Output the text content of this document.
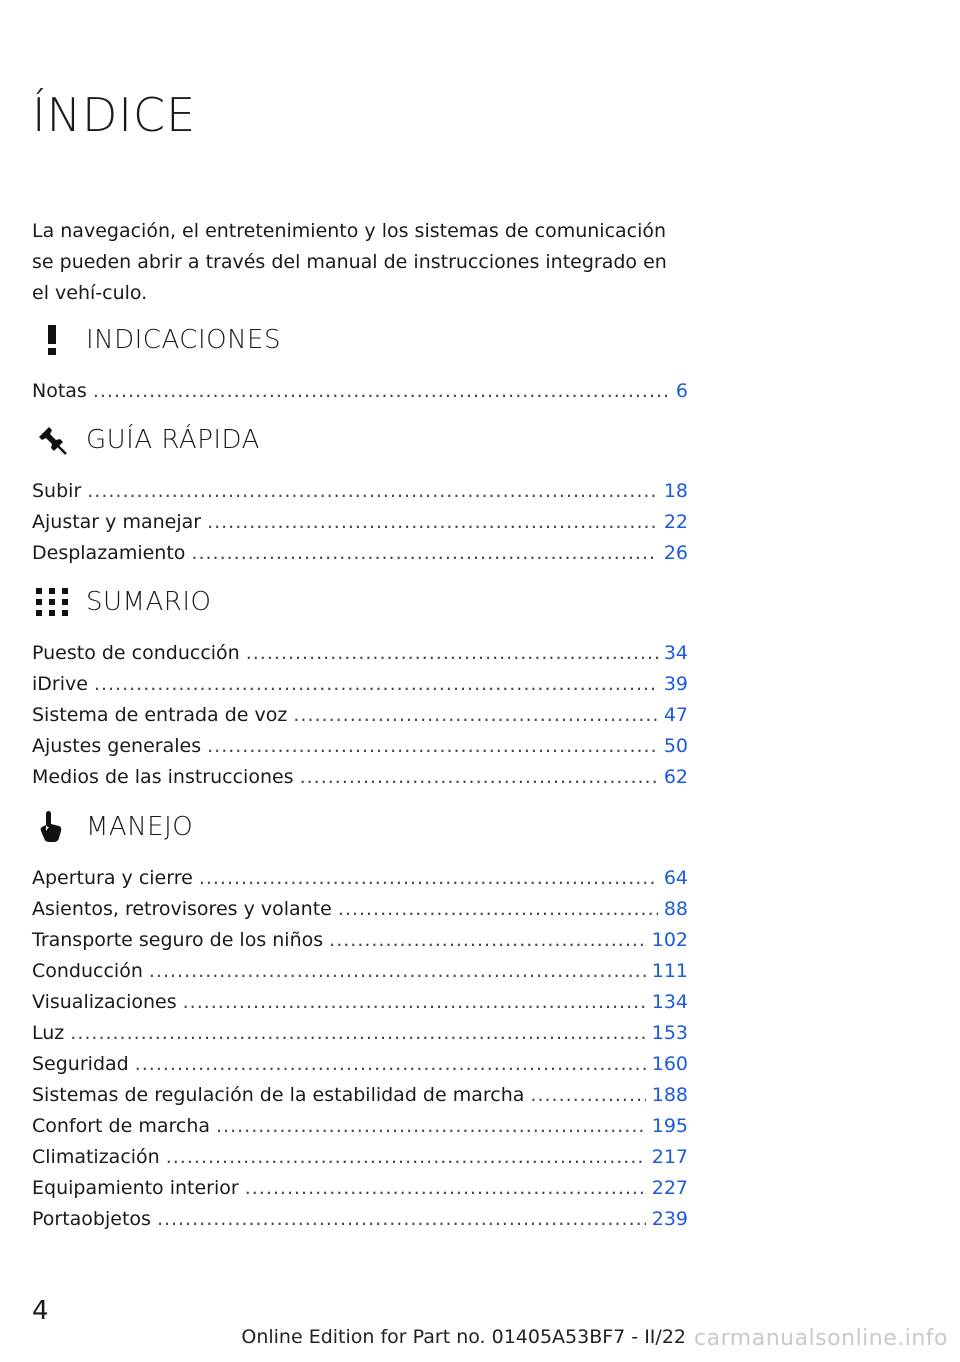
ÍNDICE

La navegación, el entretenimiento y los sistemas de comunicación se pueden abrir a través del manual de instrucciones integrado en el vehí-culo.

INDICACIONES
Notas .....	6
GUÍA RÁPIDA
Subir .....	18
Ajustar y manejar .....	22
Desplazamiento .....	26
SUMARIO
Puesto de conducción .....	34
iDrive .....	39
Sistema de entrada de voz .....	47
Ajustes generales .....	50
Medios de las instrucciones .....	62
MANEJO
Apertura y cierre .....	64
Asientos, retrovisores y volante .....	88
Transporte seguro de los niños .....	102
Conducción .....	111
Visualizaciones .....	134
Luz .....	153
Seguridad .....	160
Sistemas de regulación de la estabilidad de marcha .....	188
Confort de marcha .....	195
Climatización .....	217
Equipamiento interior .....	227
Portaobjetos .....	239

4

Online Edition for Part no. 01405A53BF7 - II/22 carmanualsonline.info
